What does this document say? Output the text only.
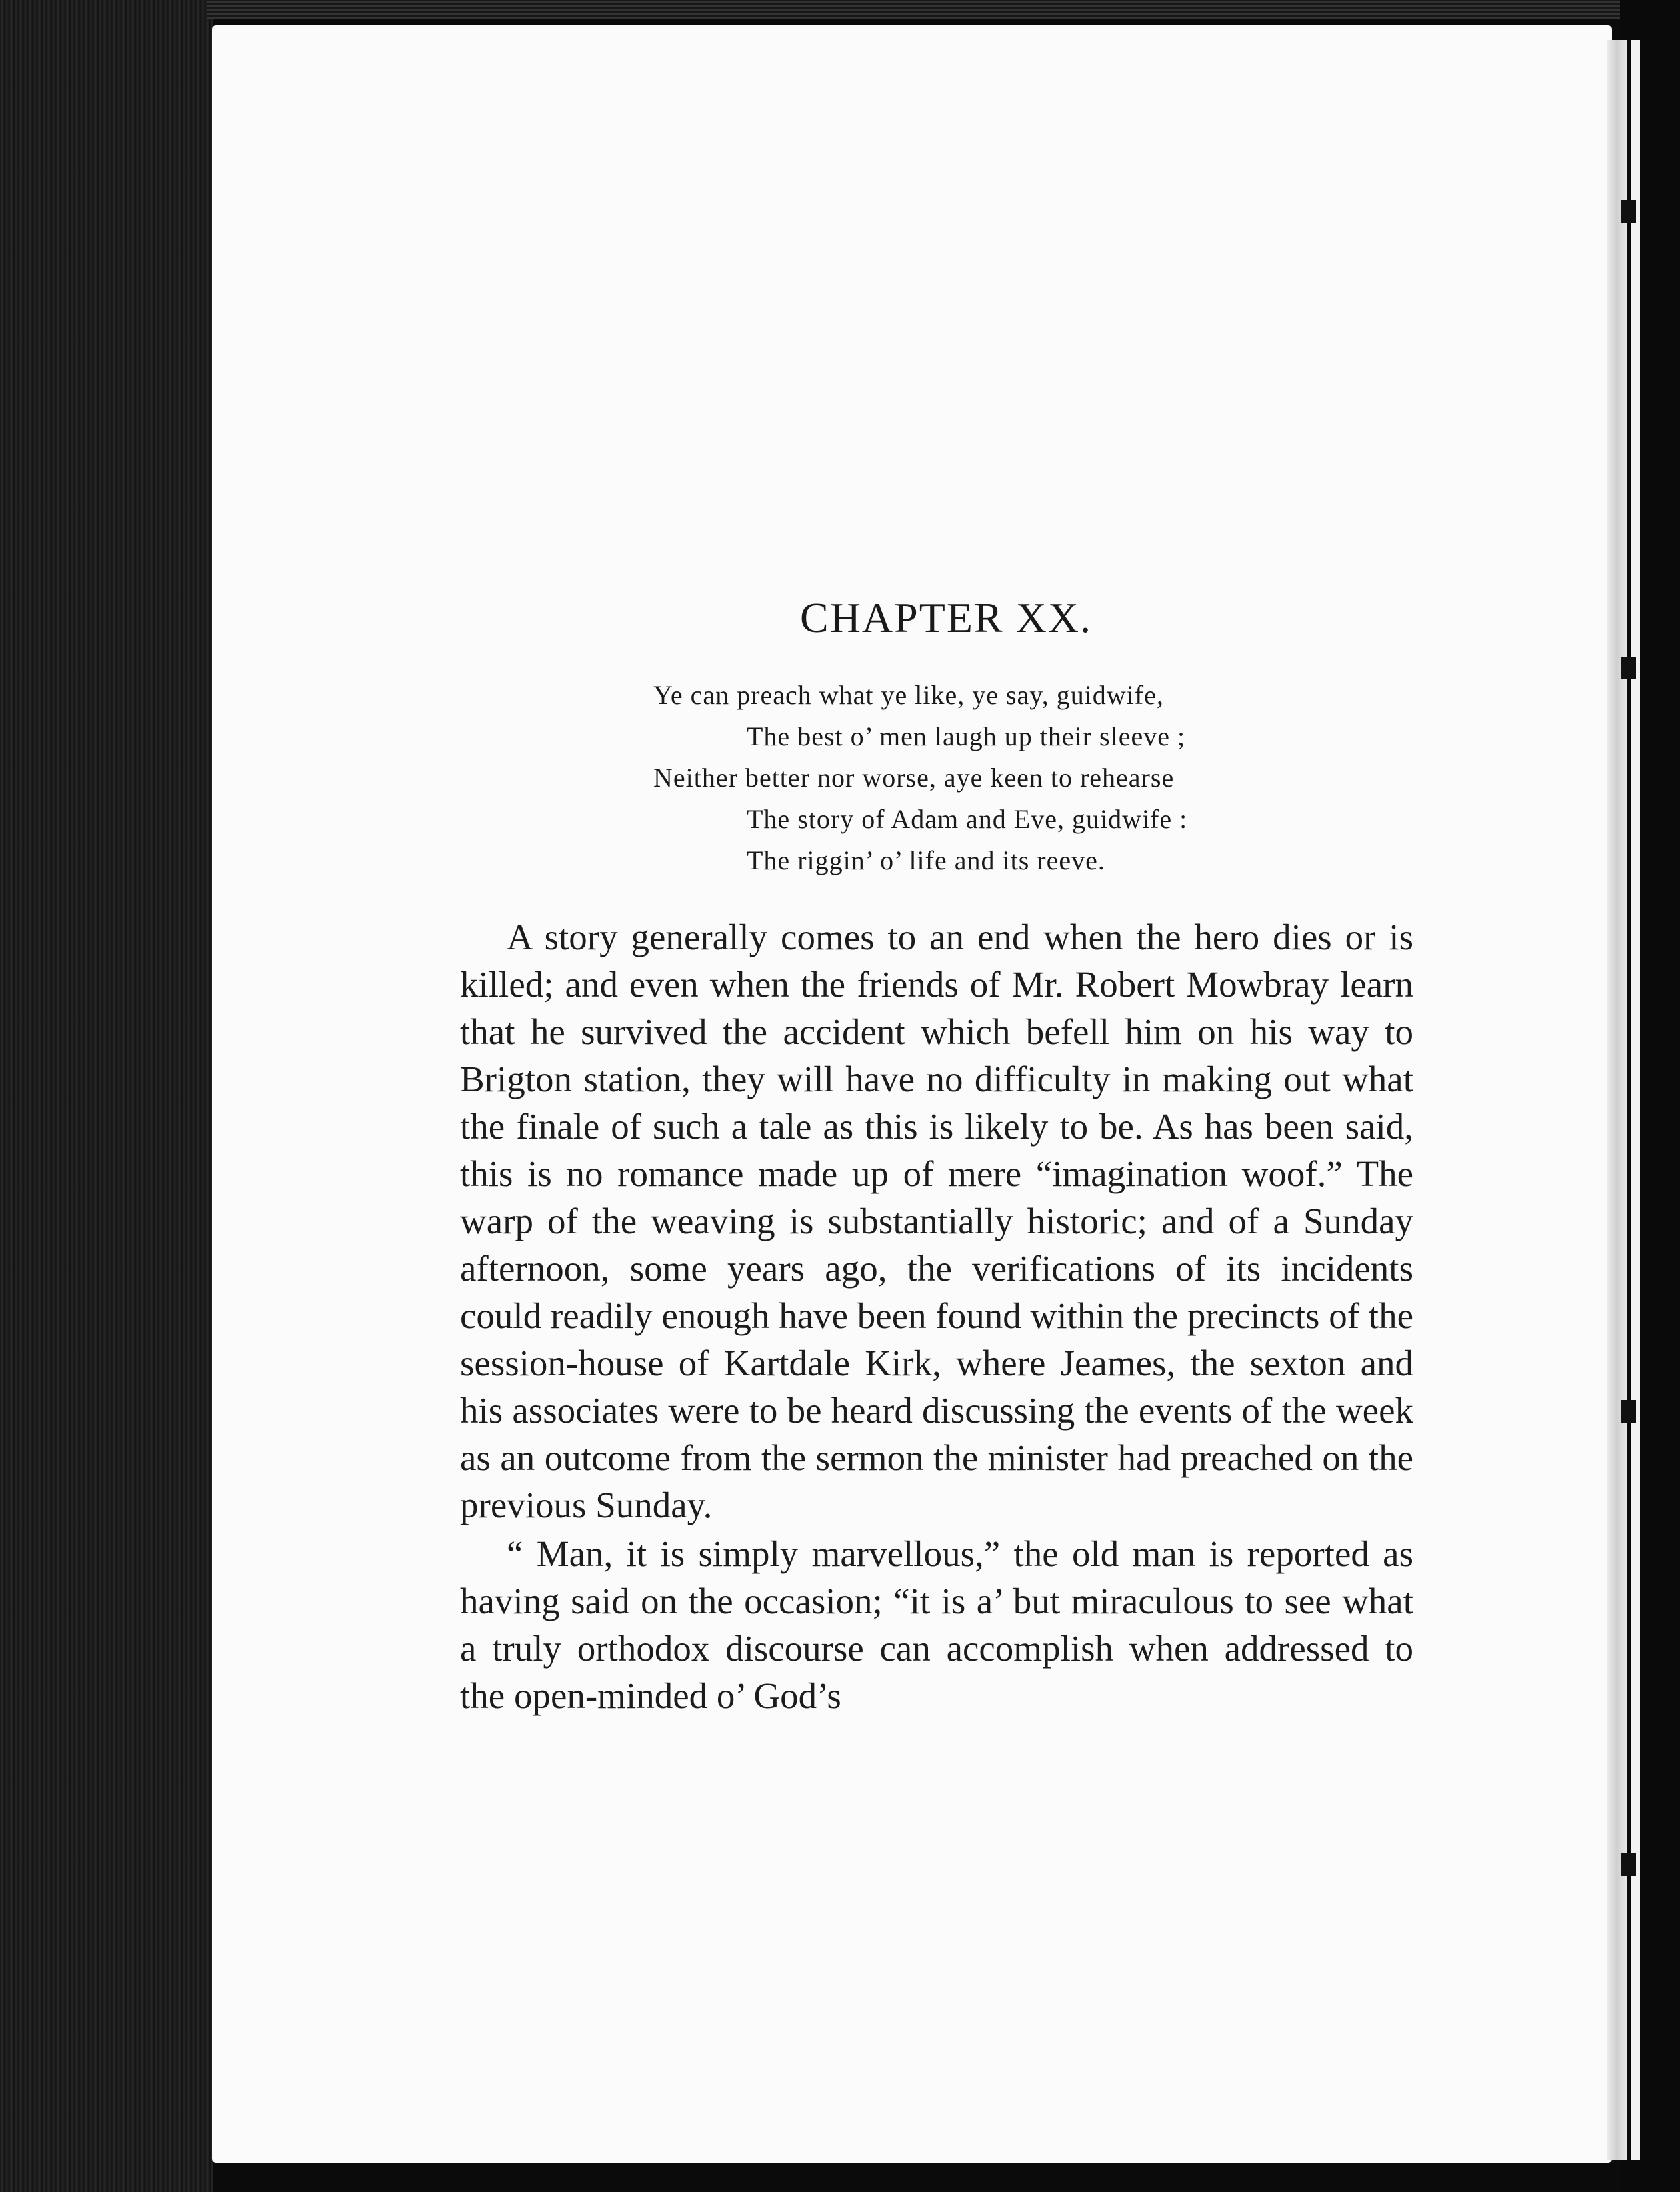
CHAPTER XX.
Ye can preach what ye like, ye say, guidwife,
The best o’ men laugh up their sleeve ;
Neither better nor worse, aye keen to rehearse
The story of Adam and Eve, guidwife :
The riggin’ o’ life and its reeve.

A story generally comes to an end when the hero dies or is killed; and even when the friends of Mr. Robert Mowbray learn that he survived the accident which befell him on his way to Brigton station, they will have no difficulty in making out what the finale of such a tale as this is likely to be. As has been said, this is no romance made up of mere “imagination woof.” The warp of the weaving is substantially historic; and of a Sunday afternoon, some years ago, the verifications of its incidents could readily enough have been found within the precincts of the session-house of Kartdale Kirk, where Jeames, the sexton and his associates were to be heard discussing the events of the week as an outcome from the sermon the minister had preached on the previous Sunday.

“ Man, it is simply marvellous,” the old man is reported as having said on the occasion; “it is a’ but miraculous to see what a truly orthodox discourse can accomplish when addressed to the open-minded o’ God’s
